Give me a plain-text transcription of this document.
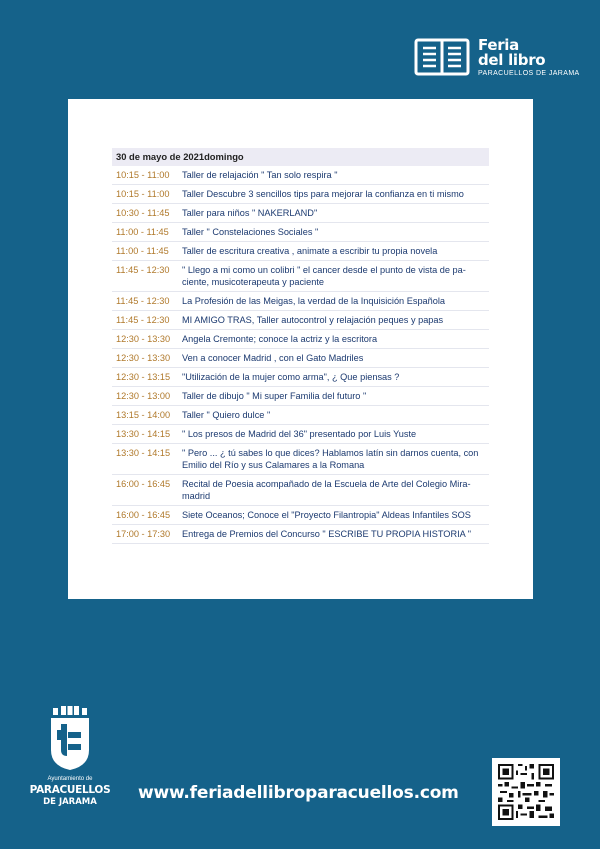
Feria
del libro
PARACUELLOS DE JARAMA
30 de mayo de 2021domingo
10:15 - 11:00	Taller de relajación " Tan solo respira "
10:15 - 11:00	Taller Descubre 3 sencillos tips para mejorar la confianza en ti mismo
10:30 - 11:45	Taller para niños " NAKERLAND"
11:00 - 11:45	Taller " Constelaciones Sociales "
11:00 - 11:45	Taller de escritura creativa , animate a escribir tu propia novela
11:45 - 12:30	" Llego a mi como un colibri " el cancer desde el punto de vista de pa-ciente, musicoterapeuta y paciente
11:45 - 12:30	La Profesión de las Meigas, la verdad de la Inquisición Española
11:45 - 12:30	MI AMIGO TRAS, Taller autocontrol y relajación peques y papas
12:30 - 13:30	Angela Cremonte; conoce la actriz y la escritora
12:30 - 13:30	Ven a conocer Madrid , con el Gato Madriles
12:30 - 13:15	"Utilización de la mujer como arma", ¿ Que piensas ?
12:30 - 13:00	Taller de dibujo " Mi super Familia del futuro "
13:15 - 14:00	Taller " Quiero dulce "
13:30 - 14:15	" Los presos de Madrid del 36" presentado por Luis Yuste
13:30 - 14:15	" Pero ... ¿ tú sabes lo que dices? Hablamos latín sin darnos cuenta, con Emilio del Río y sus Calamares a la Romana
16:00 - 16:45	Recital de Poesia acompañado de la Escuela de Arte del Colegio Mira-madrid
16:00 - 16:45	Siete Oceanos; Conoce el "Proyecto Filantropia" Aldeas Infantiles SOS
17:00 - 17:30	Entrega de Premios del Concurso " ESCRIBE TU PROPIA HISTORIA "
Ayuntamiento de
PARACUELLOS
DE JARAMA	www.feriadellibroparacuellos.com
